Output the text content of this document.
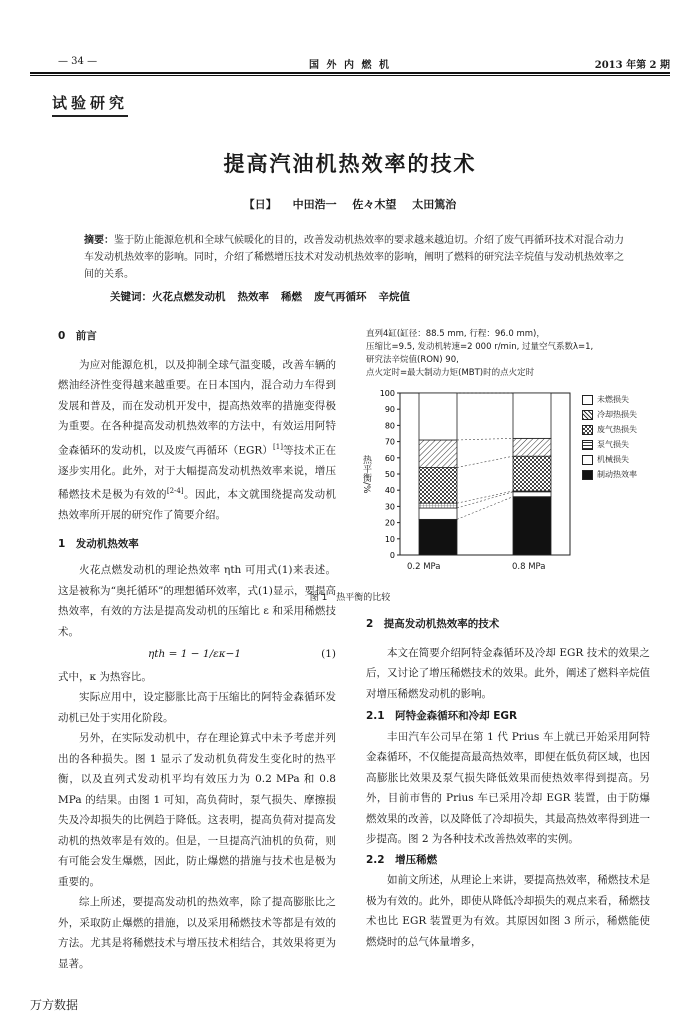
— 34 —	国 外 内 燃 机	2013 年第 2 期
试验研究
提高汽油机热效率的技术
【日】 中田浩一 佐々木望 太田篤治
摘要：鉴于防止能源危机和全球气候暖化的目的，改善发动机热效率的要求越来越迫切。介绍了废气再循环技术对混合动力车发动机热效率的影响。同时，介绍了稀燃增压技术对发动机热效率的影响，阐明了燃料的研究法辛烷值与发动机热效率之间的关系。
关键词：火花点燃发动机 热效率 稀燃 废气再循环 辛烷值
0　前言

为应对能源危机，以及抑制全球气温变暖，改善车辆的燃油经济性变得越来越重要。在日本国内，混合动力车得到发展和普及，而在发动机开发中，提高热效率的措施变得极为重要。在各种提高发动机热效率的方法中，有效运用阿特金森循环的发动机，以及废气再循环（EGR）[1]等技术正在逐步实用化。此外，对于大幅提高发动机热效率来说，增压稀燃技术是极为有效的[2-4]。因此，本文就围绕提高发动机热效率所开展的研究作了简要介绍。

1　发动机热效率

火花点燃发动机的理论热效率 ηth 可用式(1)来表述。这是被称为“奥托循环”的理想循环效率，式(1)显示，要提高热效率，有效的方法是提高发动机的压缩比 ε 和采用稀燃技术。

ηth = 1 − 1/εκ−1	(1)
式中，κ 为热容比。

实际应用中，设定膨胀比高于压缩比的阿特金森循环发动机已处于实用化阶段。

另外，在实际发动机中，存在理论算式中未予考虑并列出的各种损失。图 1 显示了发动机负荷发生变化时的热平衡，以及直列式发动机平均有效压力为 0.2 MPa 和 0.8 MPa 的结果。由图 1 可知，高负荷时，泵气损失、摩擦损失及冷却损失的比例趋于降低。这表明，提高负荷对提高发动机的热效率是有效的。但是，一旦提高汽油机的负荷，则有可能会发生爆燃，因此，防止爆燃的措施与技术也是极为重要的。

综上所述，要提高发动机的热效率，除了提高膨胀比之外，采取防止爆燃的措施，以及采用稀燃技术等都是有效的方法。尤其是将稀燃技术与增压技术相结合，其效果将更为显著。

直列4缸(缸径：88.5 mm, 行程：96.0 mm)，
压缩比=9.5, 发动机转速=2 000 r/min, 过量空气系数λ=1,
研究法辛烷值(RON) 90,
点火定时=最大制动力矩(MBT)时的点火定时
0
10
20
30
40
50
60
70
80
90
100
热平衡/%
0.2 MPa	0.8 MPa
未燃损失
冷却热损失
废气热损失
泵气损失
机械损失
制动热效率
图 1　热平衡的比较
2　提高发动机热效率的技术

本文在简要介绍阿特金森循环及冷却 EGR 技术的效果之后，又讨论了增压稀燃技术的效果。此外，阐述了燃料辛烷值对增压稀燃发动机的影响。

2.1　阿特金森循环和冷却 EGR

丰田汽车公司早在第 1 代 Prius 车上就已开始采用阿特金森循环，不仅能提高最高热效率，即便在低负荷区域，也因高膨胀比效果及泵气损失降低效果而使热效率得到提高。另外，目前市售的 Prius 车已采用冷却 EGR 装置，由于防爆燃效果的改善，以及降低了冷却损失，其最高热效率得到进一步提高。图 2 为各种技术改善热效率的实例。

2.2　增压稀燃

如前文所述，从理论上来讲，要提高热效率，稀燃技术是极为有效的。此外，即使从降低冷却损失的观点来看，稀燃技术也比 EGR 装置更为有效。其原因如图 3 所示，稀燃能使燃烧时的总气体量增多，

万方数据
